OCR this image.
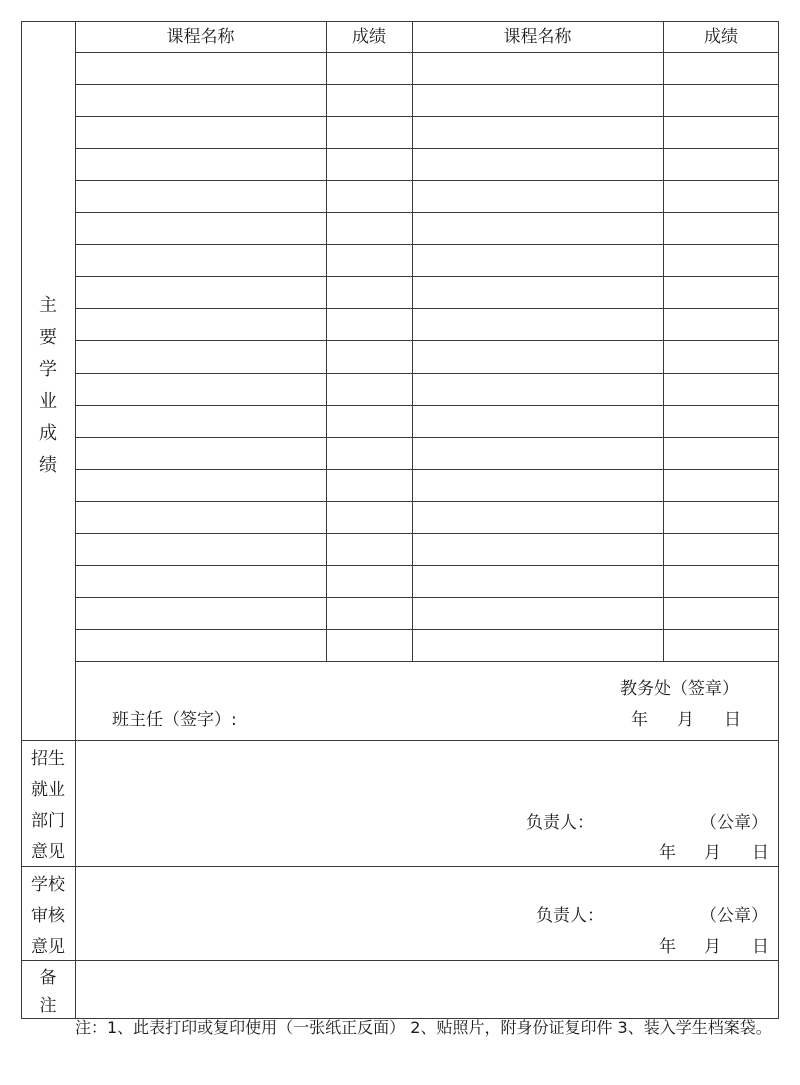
课程名称	成绩	课程名称	成绩
主
要
学
业
成
绩
教务处（签章）
班主任（签字）:	年 月 日
招生
就业
部门
意见
负责人：	（公章）
年 月 日
学校
审核
意见
负责人：	（公章）
年 月 日
备
注
注：1、此表打印或复印使用（一张纸正反面） 2、贴照片，附身份证复印件 3、装入学生档案袋。
